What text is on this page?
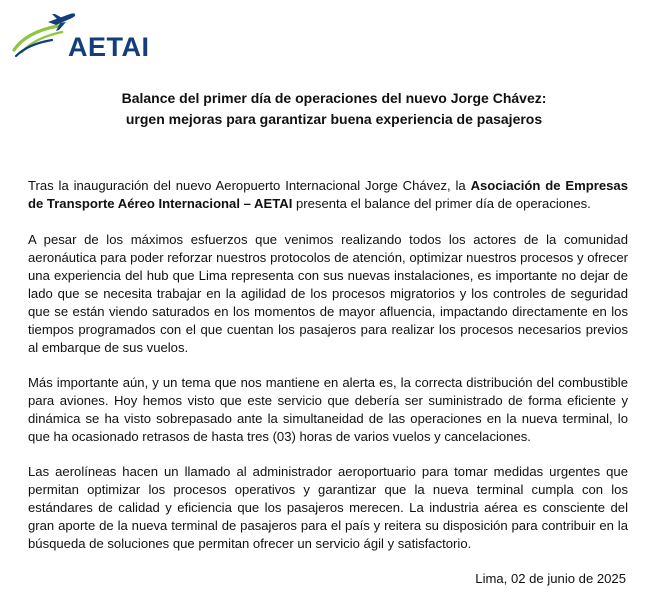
AETAI
Balance del primer día de operaciones del nuevo Jorge Chávez:
urgen mejoras para garantizar buena experiencia de pasajeros

Tras la inauguración del nuevo Aeropuerto Internacional Jorge Chávez, la Asociación de Empresas de Transporte Aéreo Internacional – AETAI presenta el balance del primer día de operaciones.

A pesar de los máximos esfuerzos que venimos realizando todos los actores de la comunidad aeronáutica para poder reforzar nuestros protocolos de atención, optimizar nuestros procesos y ofrecer una experiencia del hub que Lima representa con sus nuevas instalaciones, es importante no dejar de lado que se necesita trabajar en la agilidad de los procesos migratorios y los controles de seguridad que se están viendo saturados en los momentos de mayor afluencia, impactando directamente en los tiempos programados con el que cuentan los pasajeros para realizar los procesos necesarios previos al embarque de sus vuelos.

Más importante aún, y un tema que nos mantiene en alerta es, la correcta distribución del combustible para aviones. Hoy hemos visto que este servicio que debería ser suministrado de forma eficiente y dinámica se ha visto sobrepasado ante la simultaneidad de las operaciones en la nueva terminal, lo que ha ocasionado retrasos de hasta tres (03) horas de varios vuelos y cancelaciones.

Las aerolíneas hacen un llamado al administrador aeroportuario para tomar medidas urgentes que permitan optimizar los procesos operativos y garantizar que la nueva terminal cumpla con los estándares de calidad y eficiencia que los pasajeros merecen. La industria aérea es consciente del gran aporte de la nueva terminal de pasajeros para el país y reitera su disposición para contribuir en la búsqueda de soluciones que permitan ofrecer un servicio ágil y satisfactorio.

Lima, 02 de junio de 2025
